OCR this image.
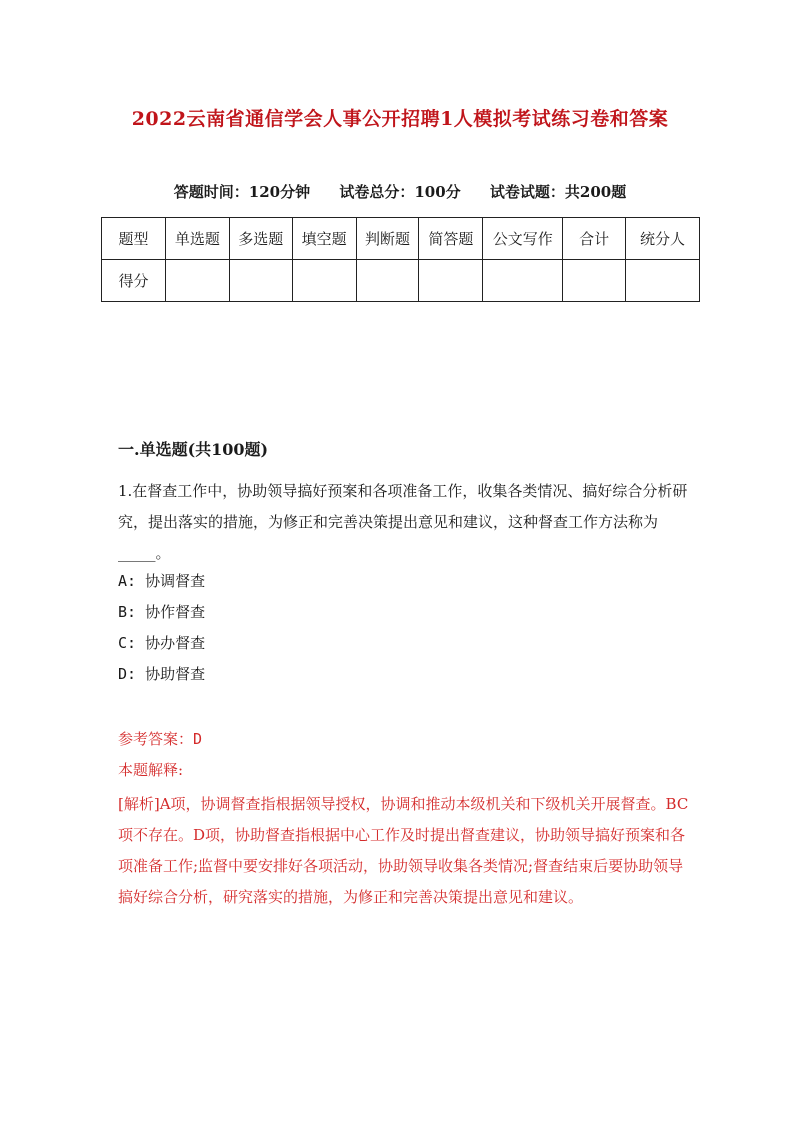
2022云南省通信学会人事公开招聘1人模拟考试练习卷和答案
答题时间：120分钟 试卷总分：100分 试卷试题：共200题
题型	单选题	多选题	填空题	判断题	简答题	公文写作	合计	统分人
得分								
一.单选题(共100题)
1.在督查工作中，协助领导搞好预案和各项准备工作，收集各类情况、搞好综合分析研究，提出落实的措施，为修正和完善决策提出意见和建议，这种督查工作方法称为_____。
A: 协调督查
B: 协作督查
C: 协办督查
D: 协助督查
参考答案：D
本题解释:
[解析]A项，协调督查指根据领导授权，协调和推动本级机关和下级机关开展督查。BC项不存在。D项，协助督查指根据中心工作及时提出督查建议，协助领导搞好预案和各项准备工作;监督中要安排好各项活动，协助领导收集各类情况;督查结束后要协助领导搞好综合分析，研究落实的措施，为修正和完善决策提出意见和建议。
